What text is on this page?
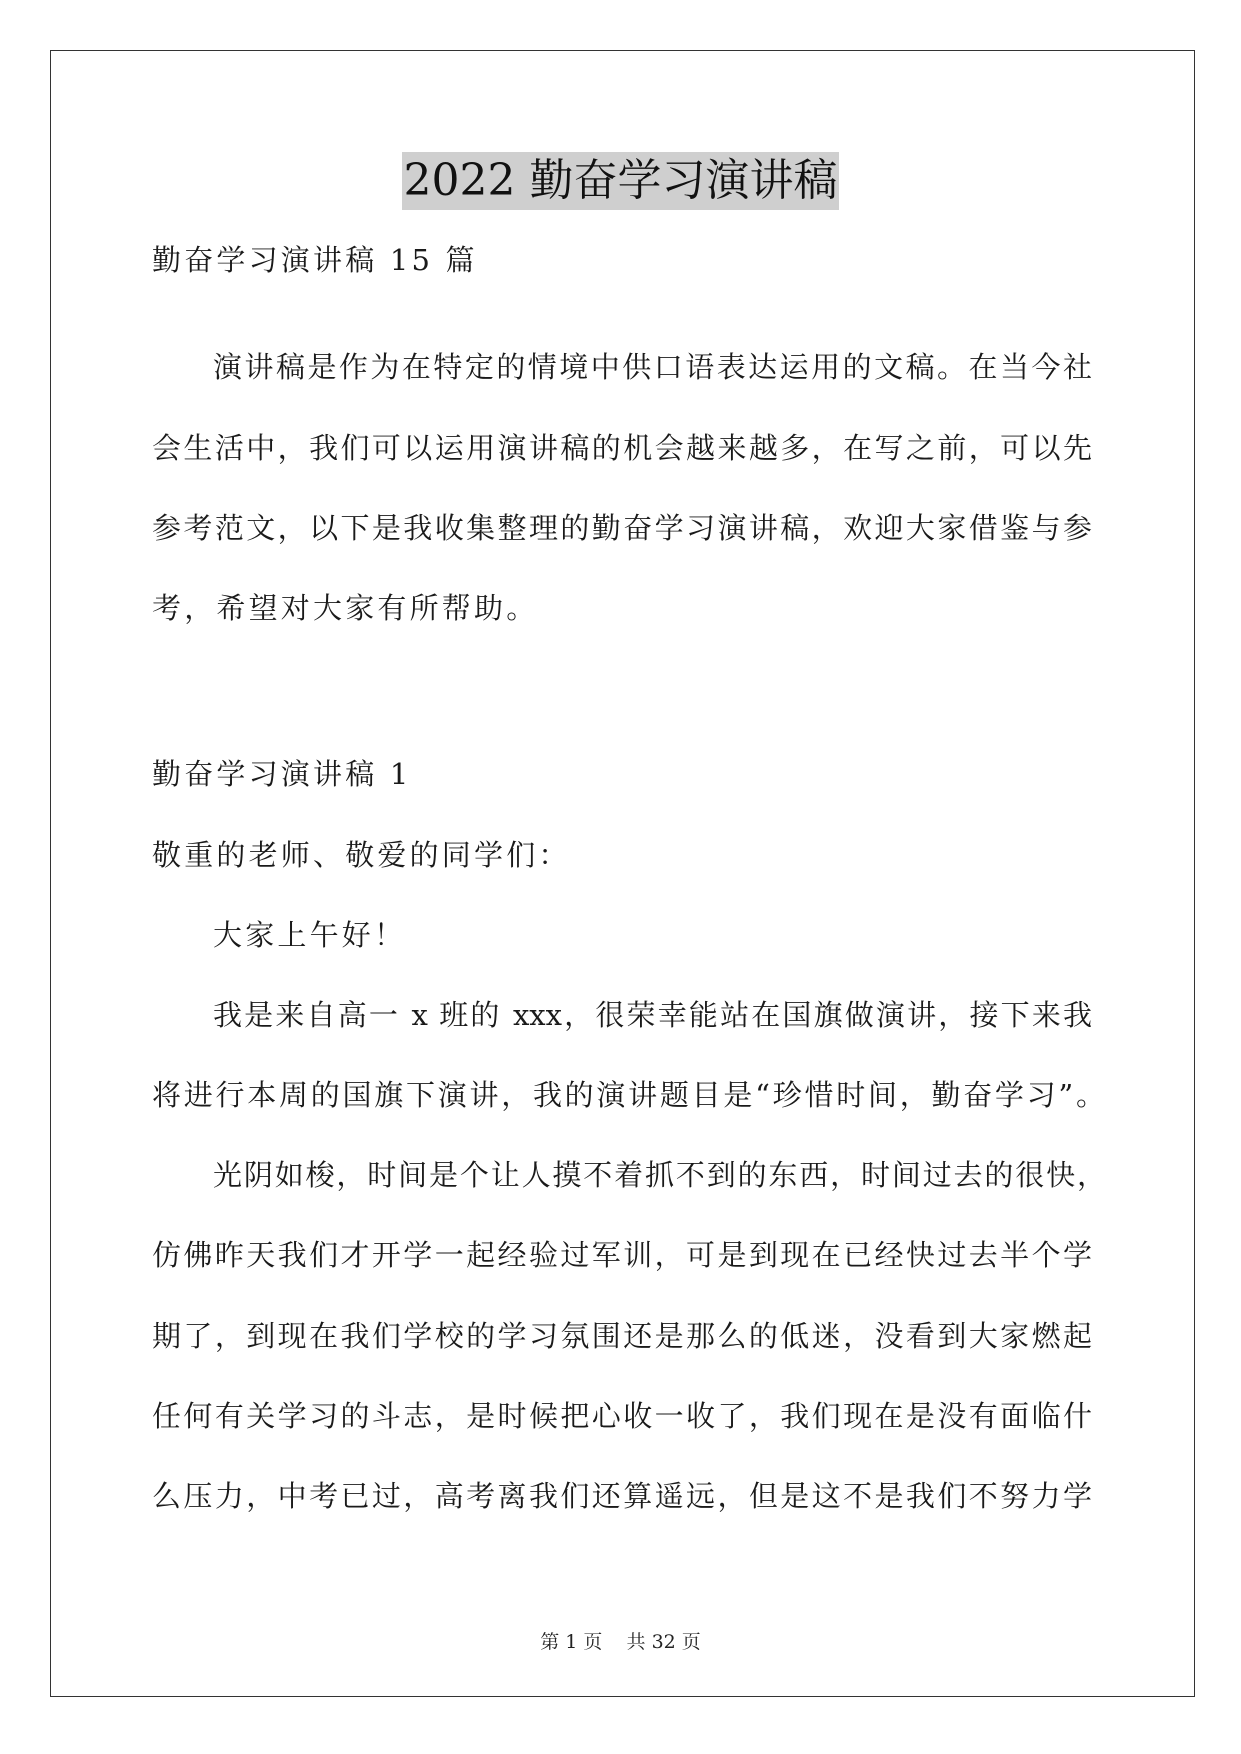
2022 勤奋学习演讲稿
勤奋学习演讲稿 15 篇
演讲稿是作为在特定的情境中供口语表达运用的文稿。在当今社
会生活中，我们可以运用演讲稿的机会越来越多，在写之前，可以先
参考范文，以下是我收集整理的勤奋学习演讲稿，欢迎大家借鉴与参
考，希望对大家有所帮助。
勤奋学习演讲稿 1
敬重的老师、敬爱的同学们：
大家上午好！
我是来自高一 x 班的 xxx，很荣幸能站在国旗做演讲，接下来我
将进行本周的国旗下演讲，我的演讲题目是“珍惜时间，勤奋学习”。
光阴如梭，时间是个让人摸不着抓不到的东西，时间过去的很快，
仿佛昨天我们才开学一起经验过军训，可是到现在已经快过去半个学
期了，到现在我们学校的学习氛围还是那么的低迷，没看到大家燃起
任何有关学习的斗志，是时候把心收一收了，我们现在是没有面临什
么压力，中考已过，高考离我们还算遥远，但是这不是我们不努力学
第 1 页 共 32 页
